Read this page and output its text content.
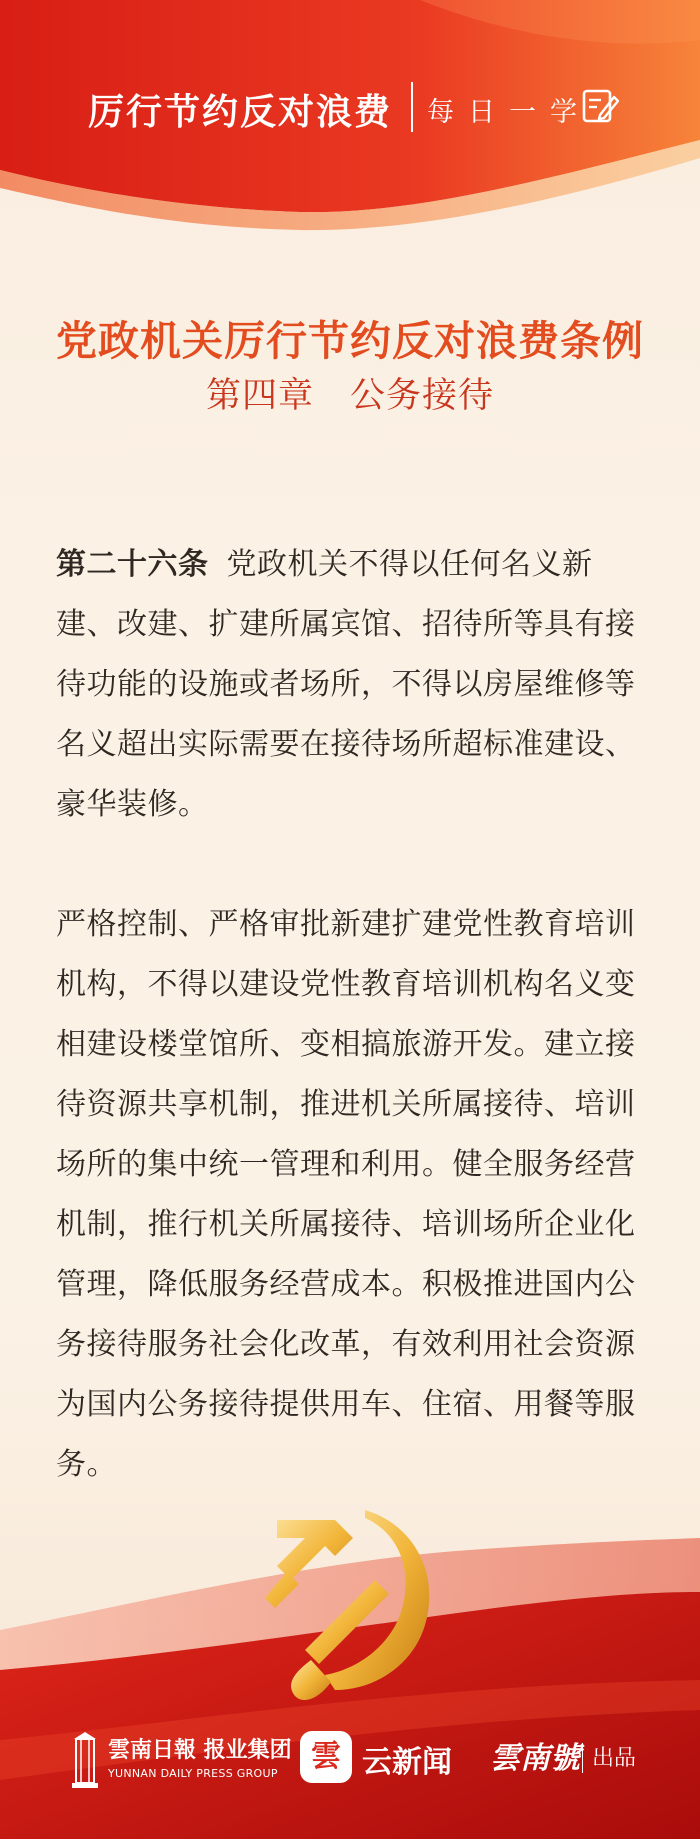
厉行节约反对浪费 每日一学
党政机关厉行节约反对浪费条例
第四章　公务接待

第二十六条 党政机关不得以任何名义新建、改建、扩建所属宾馆、招待所等具有接待功能的设施或者场所，不得以房屋维修等名义超出实际需要在接待场所超标准建设、豪华装修。

严格控制、严格审批新建扩建党性教育培训机构，不得以建设党性教育培训机构名义变相建设楼堂馆所、变相搞旅游开发。建立接待资源共享机制，推进机关所属接待、培训场所的集中统一管理和利用。健全服务经营机制，推行机关所属接待、培训场所企业化管理，降低服务经营成本。积极推进国内公务接待服务社会化改革，有效利用社会资源为国内公务接待提供用车、住宿、用餐等服务。

雲南日報 报业集团
YUNNAN DAILY PRESS GROUP	雲 云新闻 雲南號 出品
